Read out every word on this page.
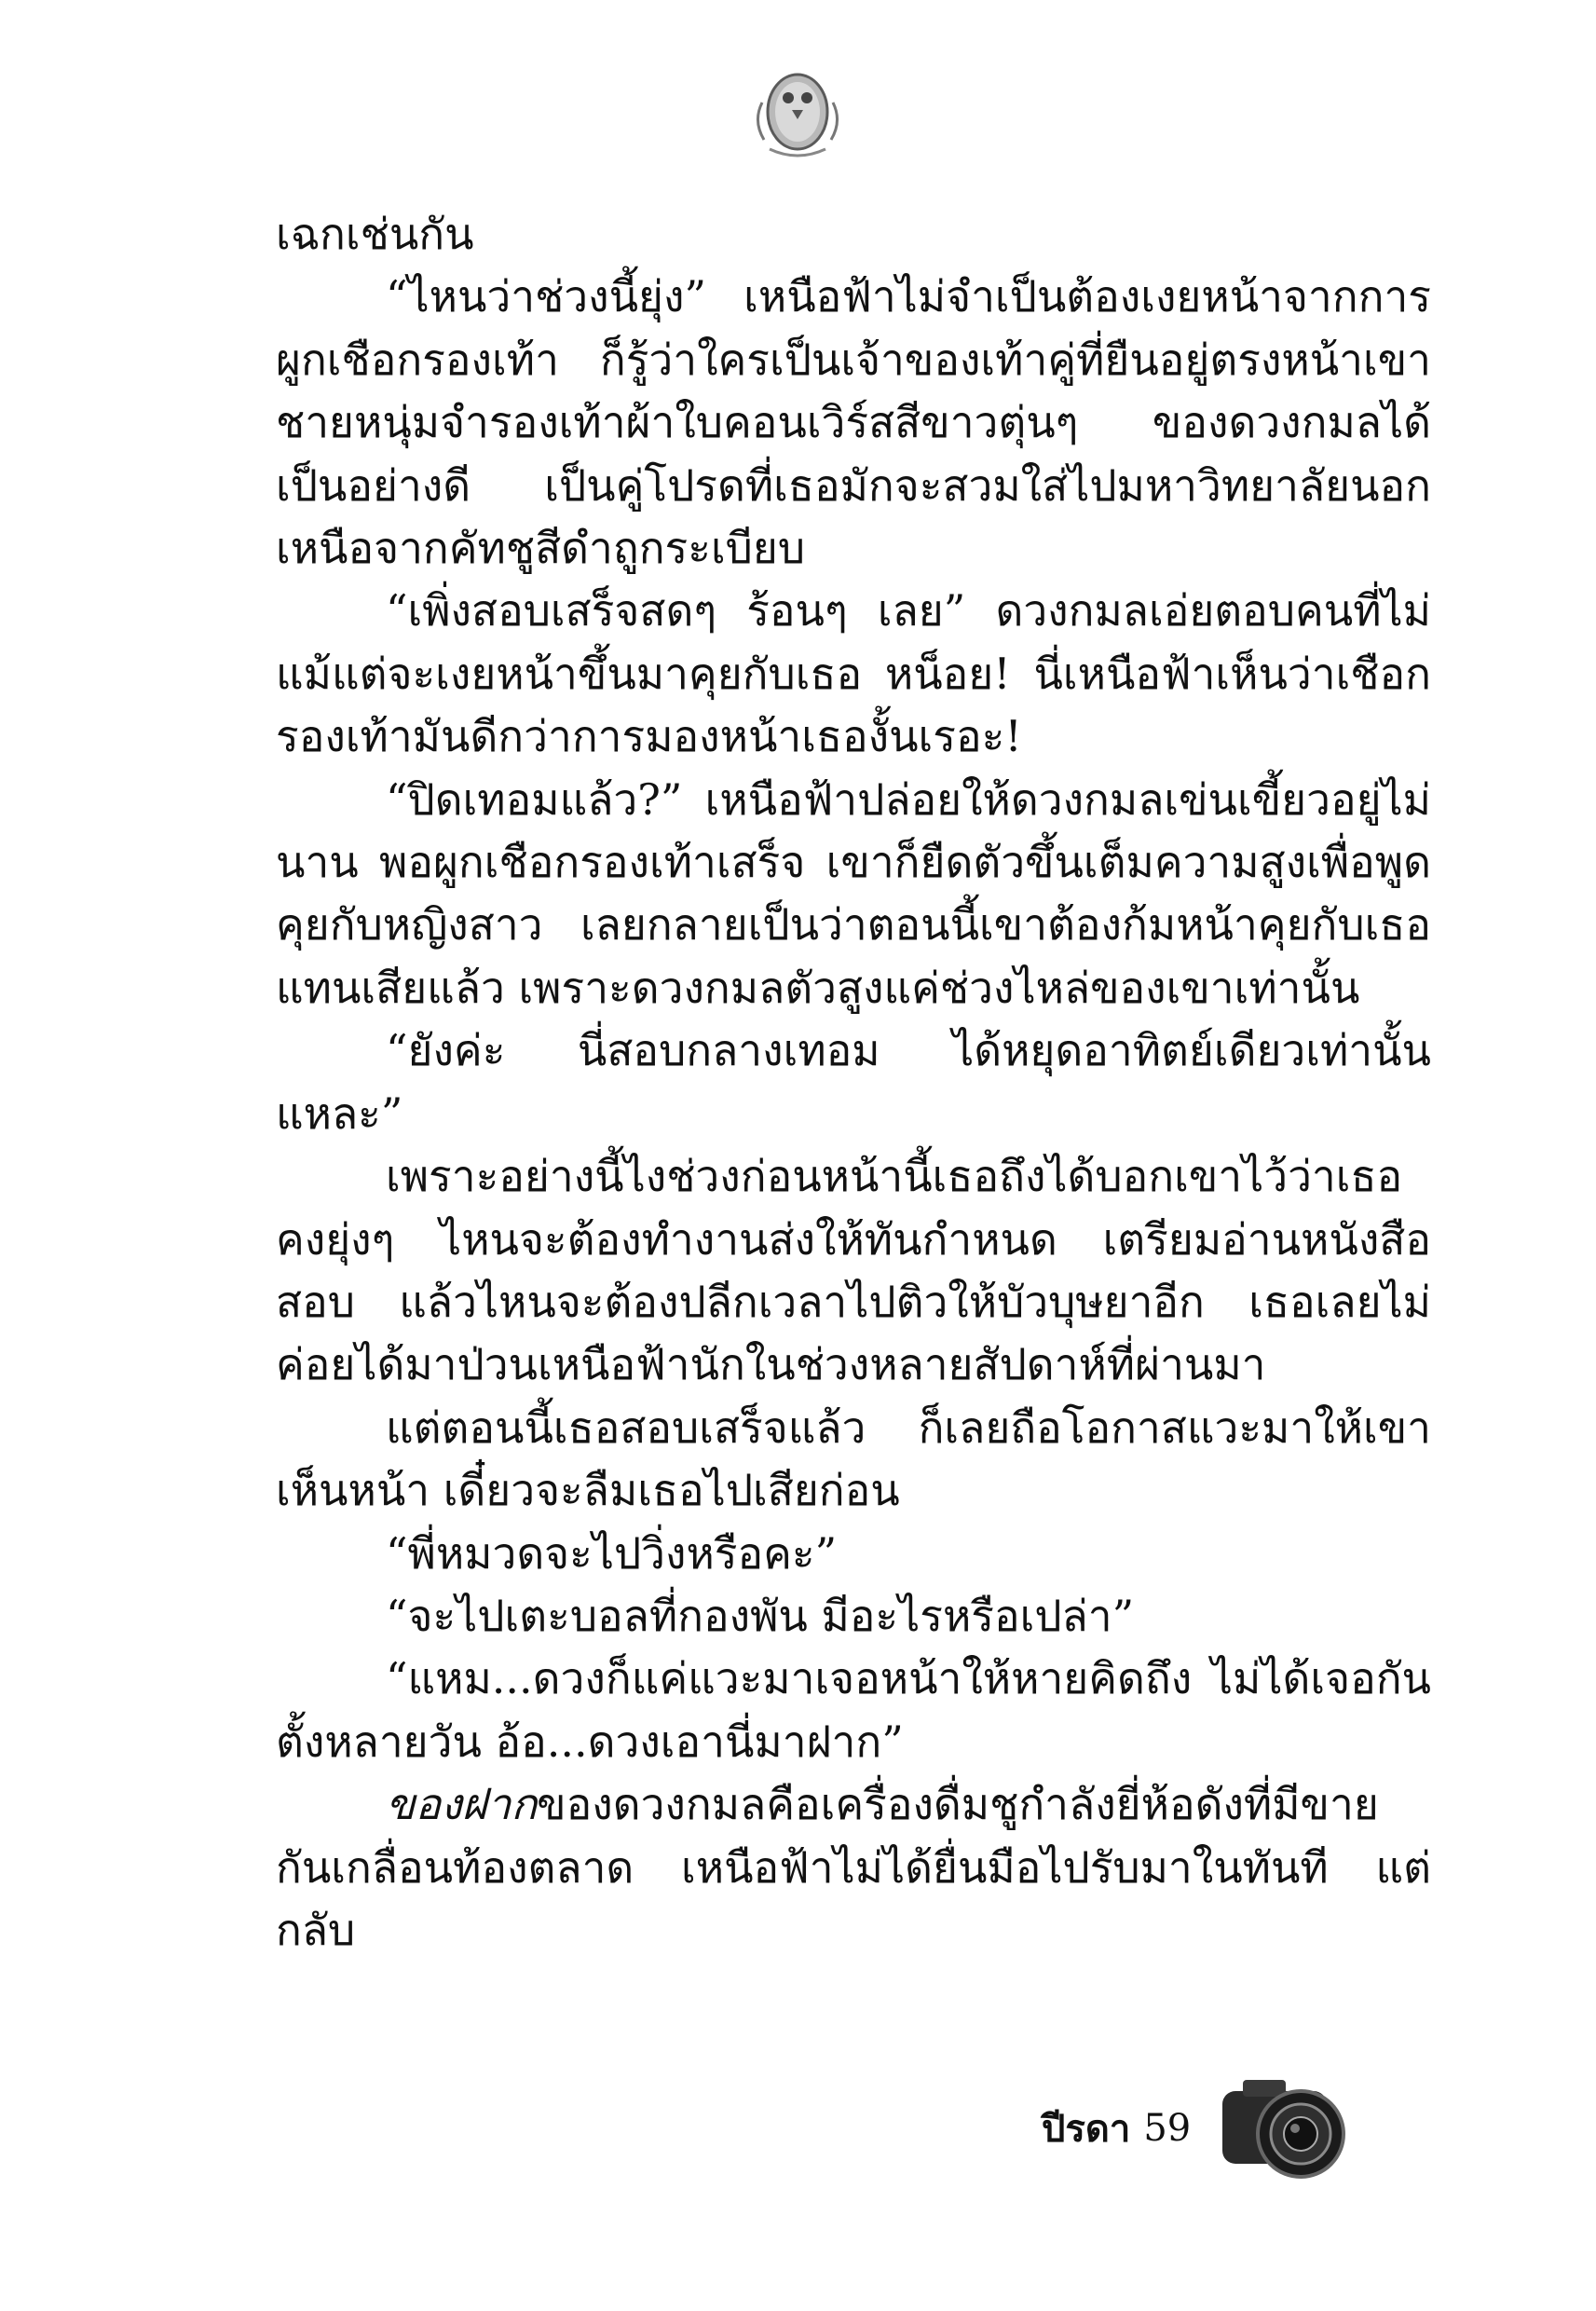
เฉกเช่นกัน

“ไหนว่าช่วงนี้ยุ่ง” เหนือฟ้าไม่จำเป็นต้องเงยหน้าจากการผูกเชือกรองเท้า ก็รู้ว่าใครเป็นเจ้าของเท้าคู่ที่ยืนอยู่ตรงหน้าเขา ชายหนุ่มจำรองเท้าผ้าใบคอนเวิร์สสีขาวตุ่นๆ ของดวงกมลได้เป็นอย่างดี เป็นคู่โปรดที่เธอมักจะสวมใส่ไปมหาวิทยาลัยนอกเหนือจากคัทชูสีดำถูกระเบียบ

“เพิ่งสอบเสร็จสดๆ ร้อนๆ เลย” ดวงกมลเอ่ยตอบคนที่ไม่แม้แต่จะเงยหน้าขึ้นมาคุยกับเธอ หน็อย! นี่เหนือฟ้าเห็นว่าเชือกรองเท้ามันดีกว่าการมองหน้าเธองั้นเรอะ!

“ปิดเทอมแล้ว?” เหนือฟ้าปล่อยให้ดวงกมลเข่นเขี้ยวอยู่ไม่นาน พอผูกเชือกรองเท้าเสร็จ เขาก็ยืดตัวขึ้นเต็มความสูงเพื่อพูดคุยกับหญิงสาว เลยกลายเป็นว่าตอนนี้เขาต้องก้มหน้าคุยกับเธอแทนเสียแล้ว เพราะดวงกมลตัวสูงแค่ช่วงไหล่ของเขาเท่านั้น

“ยังค่ะ นี่สอบกลางเทอม ได้หยุดอาทิตย์เดียวเท่านั้นแหละ”

เพราะอย่างนี้ไงช่วงก่อนหน้านี้เธอถึงได้บอกเขาไว้ว่าเธอคงยุ่งๆ ไหนจะต้องทำงานส่งให้ทันกำหนด เตรียมอ่านหนังสือสอบ แล้วไหนจะต้องปลีกเวลาไปติวให้บัวบุษยาอีก เธอเลยไม่ค่อยได้มาป่วนเหนือฟ้านักในช่วงหลายสัปดาห์ที่ผ่านมา

แต่ตอนนี้เธอสอบเสร็จแล้ว ก็เลยถือโอกาสแวะมาให้เขาเห็นหน้า เดี๋ยวจะลืมเธอไปเสียก่อน

“พี่หมวดจะไปวิ่งหรือคะ”

“จะไปเตะบอลที่กองพัน มีอะไรหรือเปล่า”

“แหม...ดวงก็แค่แวะมาเจอหน้าให้หายคิดถึง ไม่ได้เจอกันตั้งหลายวัน อ้อ...ดวงเอานี่มาฝาก”

ของฝากของดวงกมลคือเครื่องดื่มชูกำลังยี่ห้อดังที่มีขายกันเกลื่อนท้องตลาด เหนือฟ้าไม่ได้ยื่นมือไปรับมาในทันที แต่กลับ

ปีรดา 59
